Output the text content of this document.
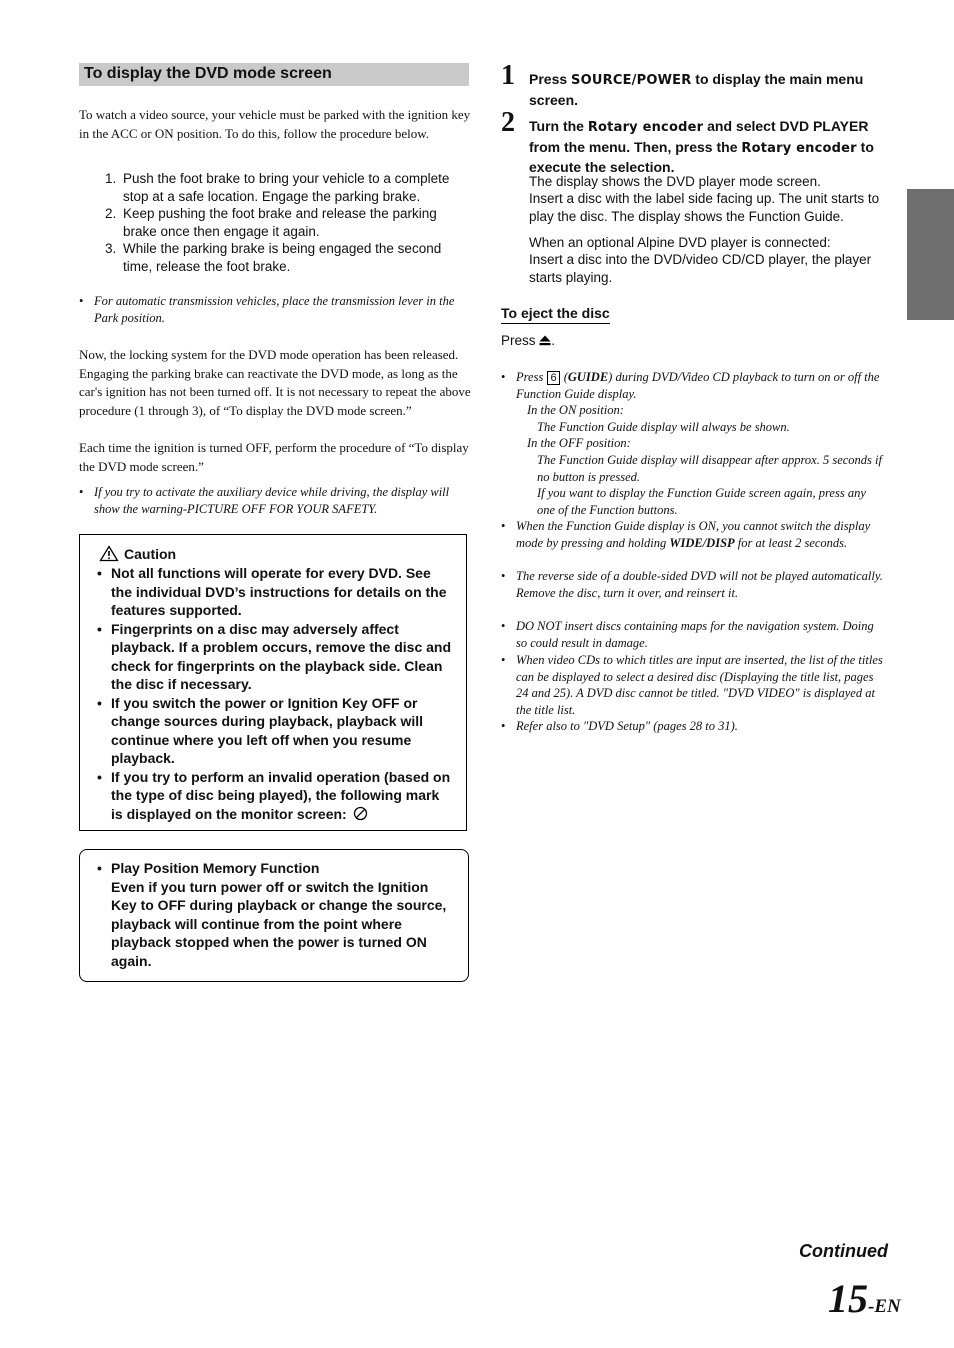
To display the DVD mode screen

To watch a video source, your vehicle must be parked with the ignition key in the ACC or ON position. To do this, follow the procedure below.

1. Push the foot brake to bring your vehicle to a complete stop at a safe location. Engage the parking brake.
2. Keep pushing the foot brake and release the parking brake once then engage it again.
3. While the parking brake is being engaged the second time, release the foot brake.
• For automatic transmission vehicles, place the transmission lever in the Park position.

Now, the locking system for the DVD mode operation has been released. Engaging the parking brake can reactivate the DVD mode, as long as the car's ignition has not been turned off. It is not necessary to repeat the above procedure (1 through 3), of “To display the DVD mode screen.”

Each time the ignition is turned OFF, perform the procedure of “To display the DVD mode screen.”

• If you try to activate the auxiliary device while driving, the display will show the warning-PICTURE OFF FOR YOUR SAFETY.
Caution
• Not all functions will operate for every DVD. See the individual DVD’s instructions for details on the features supported.
• Fingerprints on a disc may adversely affect playback. If a problem occurs, remove the disc and check for fingerprints on the playback side. Clean the disc if necessary.
• If you switch the power or Ignition Key OFF or change sources during playback, playback will continue where you left off when you resume playback.
• If you try to perform an invalid operation (based on the type of disc being played), the following mark is displayed on the monitor screen:
• Play Position Memory Function
Even if you turn power off or switch the Ignition Key to OFF during playback or change the source, playback will continue from the point where playback stopped when the power is turned ON again.
1 Press SOURCE/POWER to display the main menu screen.
2 Turn the Rotary encoder and select DVD PLAYER from the menu. Then, press the Rotary encoder to execute the selection.
The display shows the DVD player mode screen.
Insert a disc with the label side facing up. The unit starts to play the disc. The display shows the Function Guide.
When an optional Alpine DVD player is connected:
Insert a disc into the DVD/video CD/CD player, the player starts playing.
To eject the disc
Press .
• Press 6 (GUIDE) during DVD/Video CD playback to turn on or off the Function Guide display.
In the ON position:

The Function Guide display will always be shown.
In the OFF position:

The Function Guide display will disappear after approx. 5 seconds if no button is pressed.
If you want to display the Function Guide screen again, press any one of the Function buttons.
• When the Function Guide display is ON, you cannot switch the display mode by pressing and holding WIDE/DISP for at least 2 seconds.
• The reverse side of a double-sided DVD will not be played automatically.
Remove the disc, turn it over, and reinsert it.
• DO NOT insert discs containing maps for the navigation system. Doing so could result in damage.
• When video CDs to which titles are input are inserted, the list of the titles can be displayed to select a desired disc (Displaying the title list, pages 24 and 25). A DVD disc cannot be titled. "DVD VIDEO" is displayed at the title list.
• Refer also to "DVD Setup" (pages 28 to 31).
Continued
15-EN
